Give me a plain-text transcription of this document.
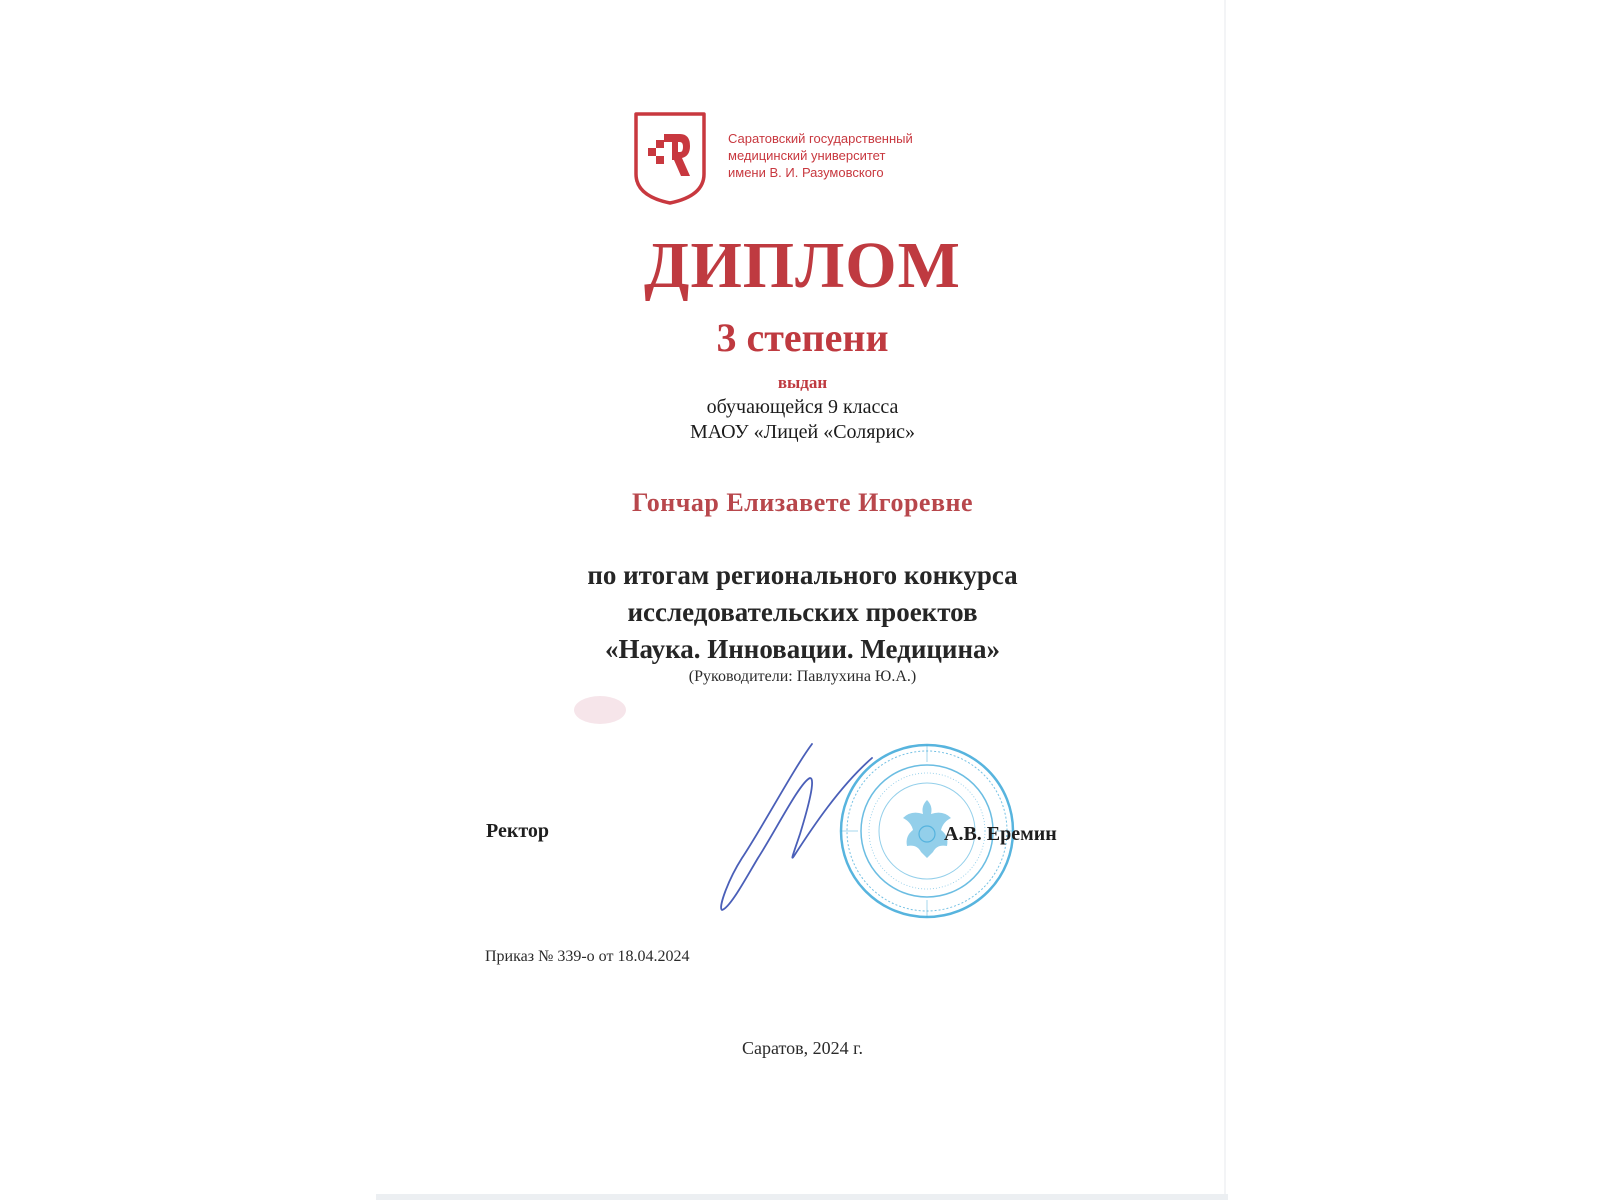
Саратовский государственный
медицинский университет
имени В. И. Разумовского
ДИПЛОМ
3 степени
выдан
обучающейся 9 класса
МАОУ «Лицей «Солярис»
Гончар Елизавете Игоревне
по итогам регионального конкурса
исследовательских проектов
«Наука. Инновации. Медицина»
(Руководители: Павлухина Ю.А.)
Ректор	А.В. Еремин
Приказ № 339-о от 18.04.2024
Саратов, 2024 г.
